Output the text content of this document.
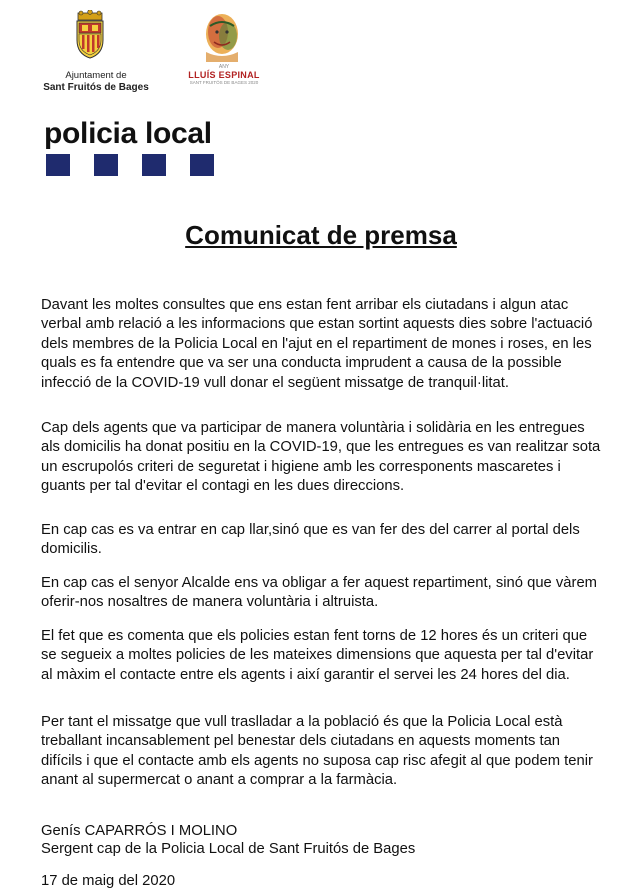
Ajuntament de
Sant Fruitós de Bages
ANY
LLUÍS ESPINAL
SANT FRUITÓS DE BAGES 2020
policia local
Comunicat de premsa

Davant les moltes consultes que ens estan fent arribar els ciutadans i algun atac verbal amb relació a les informacions que estan sortint aquests dies sobre l'actuació dels membres de la Policia Local en l'ajut en el repartiment de mones i roses, en les quals es fa entendre que va ser una conducta imprudent a causa de la possible infecció de la COVID-19 vull donar el següent missatge de tranquil·litat.

Cap dels agents que va participar de manera voluntària i solidària en les entregues als domicilis ha donat positiu en la COVID-19, que les entregues es van realitzar sota un escrupolós criteri de seguretat i higiene amb les corresponents mascaretes i guants per tal d'evitar el contagi en les dues direccions.

En cap cas es va entrar en cap llar,sinó que es van fer des del carrer al portal dels domicilis.

En cap cas el senyor Alcalde ens va obligar a fer aquest repartiment, sinó que vàrem oferir-nos nosaltres de manera voluntària i altruista.

El fet que es comenta que els policies estan fent torns de 12 hores és un criteri que se segueix a moltes policies de les mateixes dimensions que aquesta per tal d'evitar al màxim el contacte entre els agents i així garantir el servei les 24 hores del dia.

Per tant el missatge que vull traslladar a la població és que la Policia Local està treballant incansablement pel benestar dels ciutadans en aquests moments tan difícils i que el contacte amb els agents no suposa cap risc afegit al que podem tenir anant al supermercat o anant a comprar a la farmàcia.

Genís CAPARRÓS I MOLINO
Sergent cap de la Policia Local de Sant Fruitós de Bages
17 de maig del 2020
